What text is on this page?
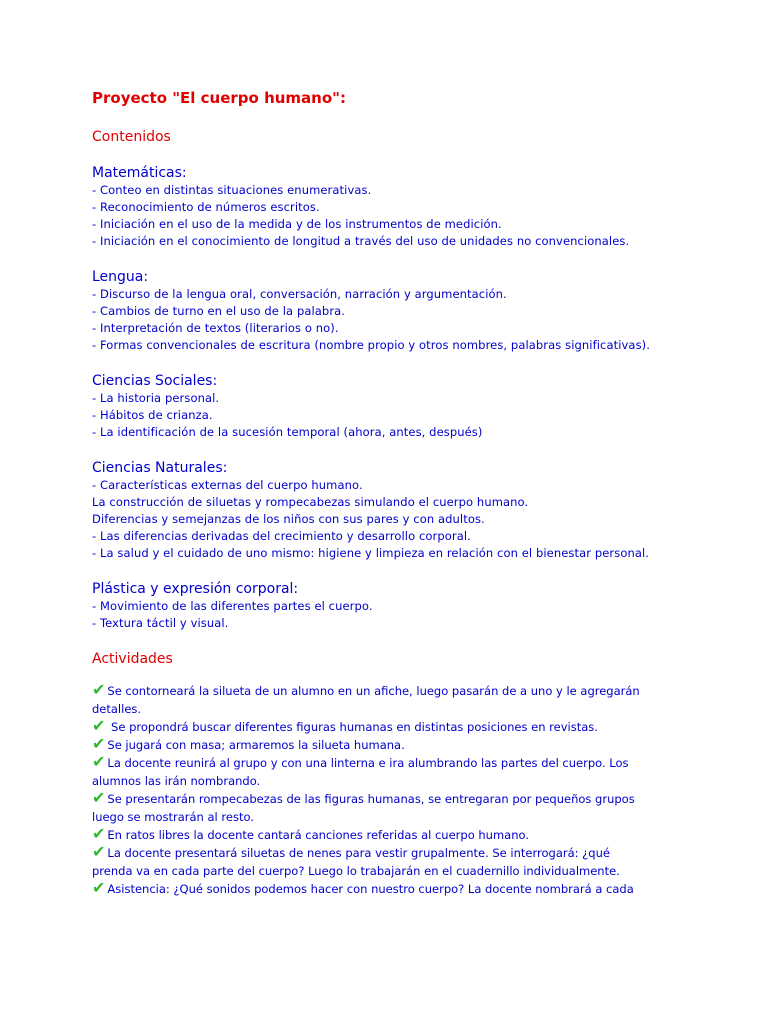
Proyecto "El cuerpo humano":

Contenidos

Matemáticas:

- Conteo en distintas situaciones enumerativas.

- Reconocimiento de números escritos.

- Iniciación en el uso de la medida y de los instrumentos de medición.

- Iniciación en el conocimiento de longitud a través del uso de unidades no convencionales.

Lengua:

- Discurso de la lengua oral, conversación, narración y argumentación.

- Cambios de turno en el uso de la palabra.

- Interpretación de textos (literarios o no).

- Formas convencionales de escritura (nombre propio y otros nombres, palabras significativas).

Ciencias Sociales:

- La historia personal.

- Hábitos de crianza.

- La identificación de la sucesión temporal (ahora, antes, después)

Ciencias Naturales:

- Características externas del cuerpo humano.

La construcción de siluetas y rompecabezas simulando el cuerpo humano.

Diferencias y semejanzas de los niños con sus pares y con adultos.

- Las diferencias derivadas del crecimiento y desarrollo corporal.

- La salud y el cuidado de uno mismo: higiene y limpieza en relación con el bienestar personal.

Plástica y expresión corporal:

- Movimiento de las diferentes partes el cuerpo.

- Textura táctil y visual.

Actividades

✔ Se contorneará la silueta de un alumno en un afiche, luego pasarán de a uno y le agregarán detalles.

✔ Se propondrá buscar diferentes figuras humanas en distintas posiciones en revistas.

✔ Se jugará con masa; armaremos la silueta humana.

✔ La docente reunirá al grupo y con una linterna e ira alumbrando las partes del cuerpo. Los alumnos las irán nombrando.

✔ Se presentarán rompecabezas de las figuras humanas, se entregaran por pequeños grupos luego se mostrarán al resto.

✔ En ratos libres la docente cantará canciones referidas al cuerpo humano.

✔ La docente presentará siluetas de nenes para vestir grupalmente. Se interrogará: ¿qué prenda va en cada parte del cuerpo? Luego lo trabajarán en el cuadernillo individualmente.

✔ Asistencia: ¿Qué sonidos podemos hacer con nuestro cuerpo? La docente nombrará a cada
